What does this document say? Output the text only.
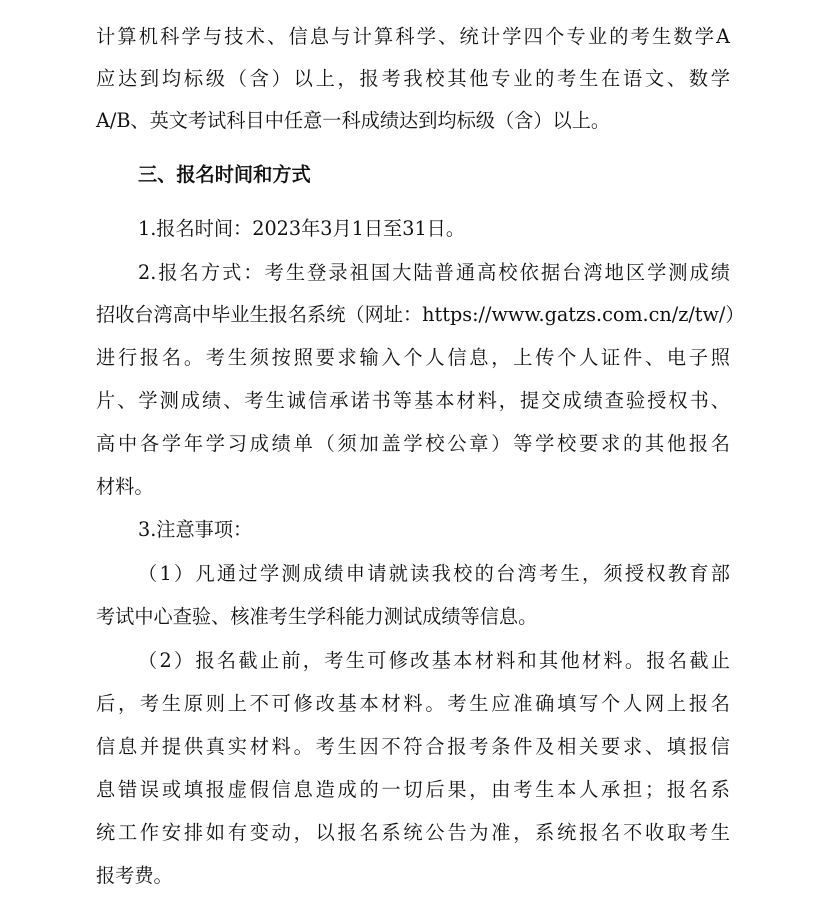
计算机科学与技术、信息与计算科学、统计学四个专业的考生数学A
应达到均标级（含）以上，报考我校其他专业的考生在语文、数学
A/B、英文考试科目中任意一科成绩达到均标级（含）以上。
三、报名时间和方式
1.报名时间：2023年3月1日至31日。
2.报名方式：考生登录祖国大陆普通高校依据台湾地区学测成绩
招收台湾高中毕业生报名系统（网址：https://www.gatzs.com.cn/z/tw/）
进行报名。考生须按照要求输入个人信息，上传个人证件、电子照
片、学测成绩、考生诚信承诺书等基本材料，提交成绩查验授权书、
高中各学年学习成绩单（须加盖学校公章）等学校要求的其他报名
材料。
3.注意事项：
（1）凡通过学测成绩申请就读我校的台湾考生，须授权教育部
考试中心查验、核准考生学科能力测试成绩等信息。
（2）报名截止前，考生可修改基本材料和其他材料。报名截止
后，考生原则上不可修改基本材料。考生应准确填写个人网上报名
信息并提供真实材料。考生因不符合报考条件及相关要求、填报信
息错误或填报虚假信息造成的一切后果，由考生本人承担；报名系
统工作安排如有变动，以报名系统公告为准，系统报名不收取考生
报考费。
